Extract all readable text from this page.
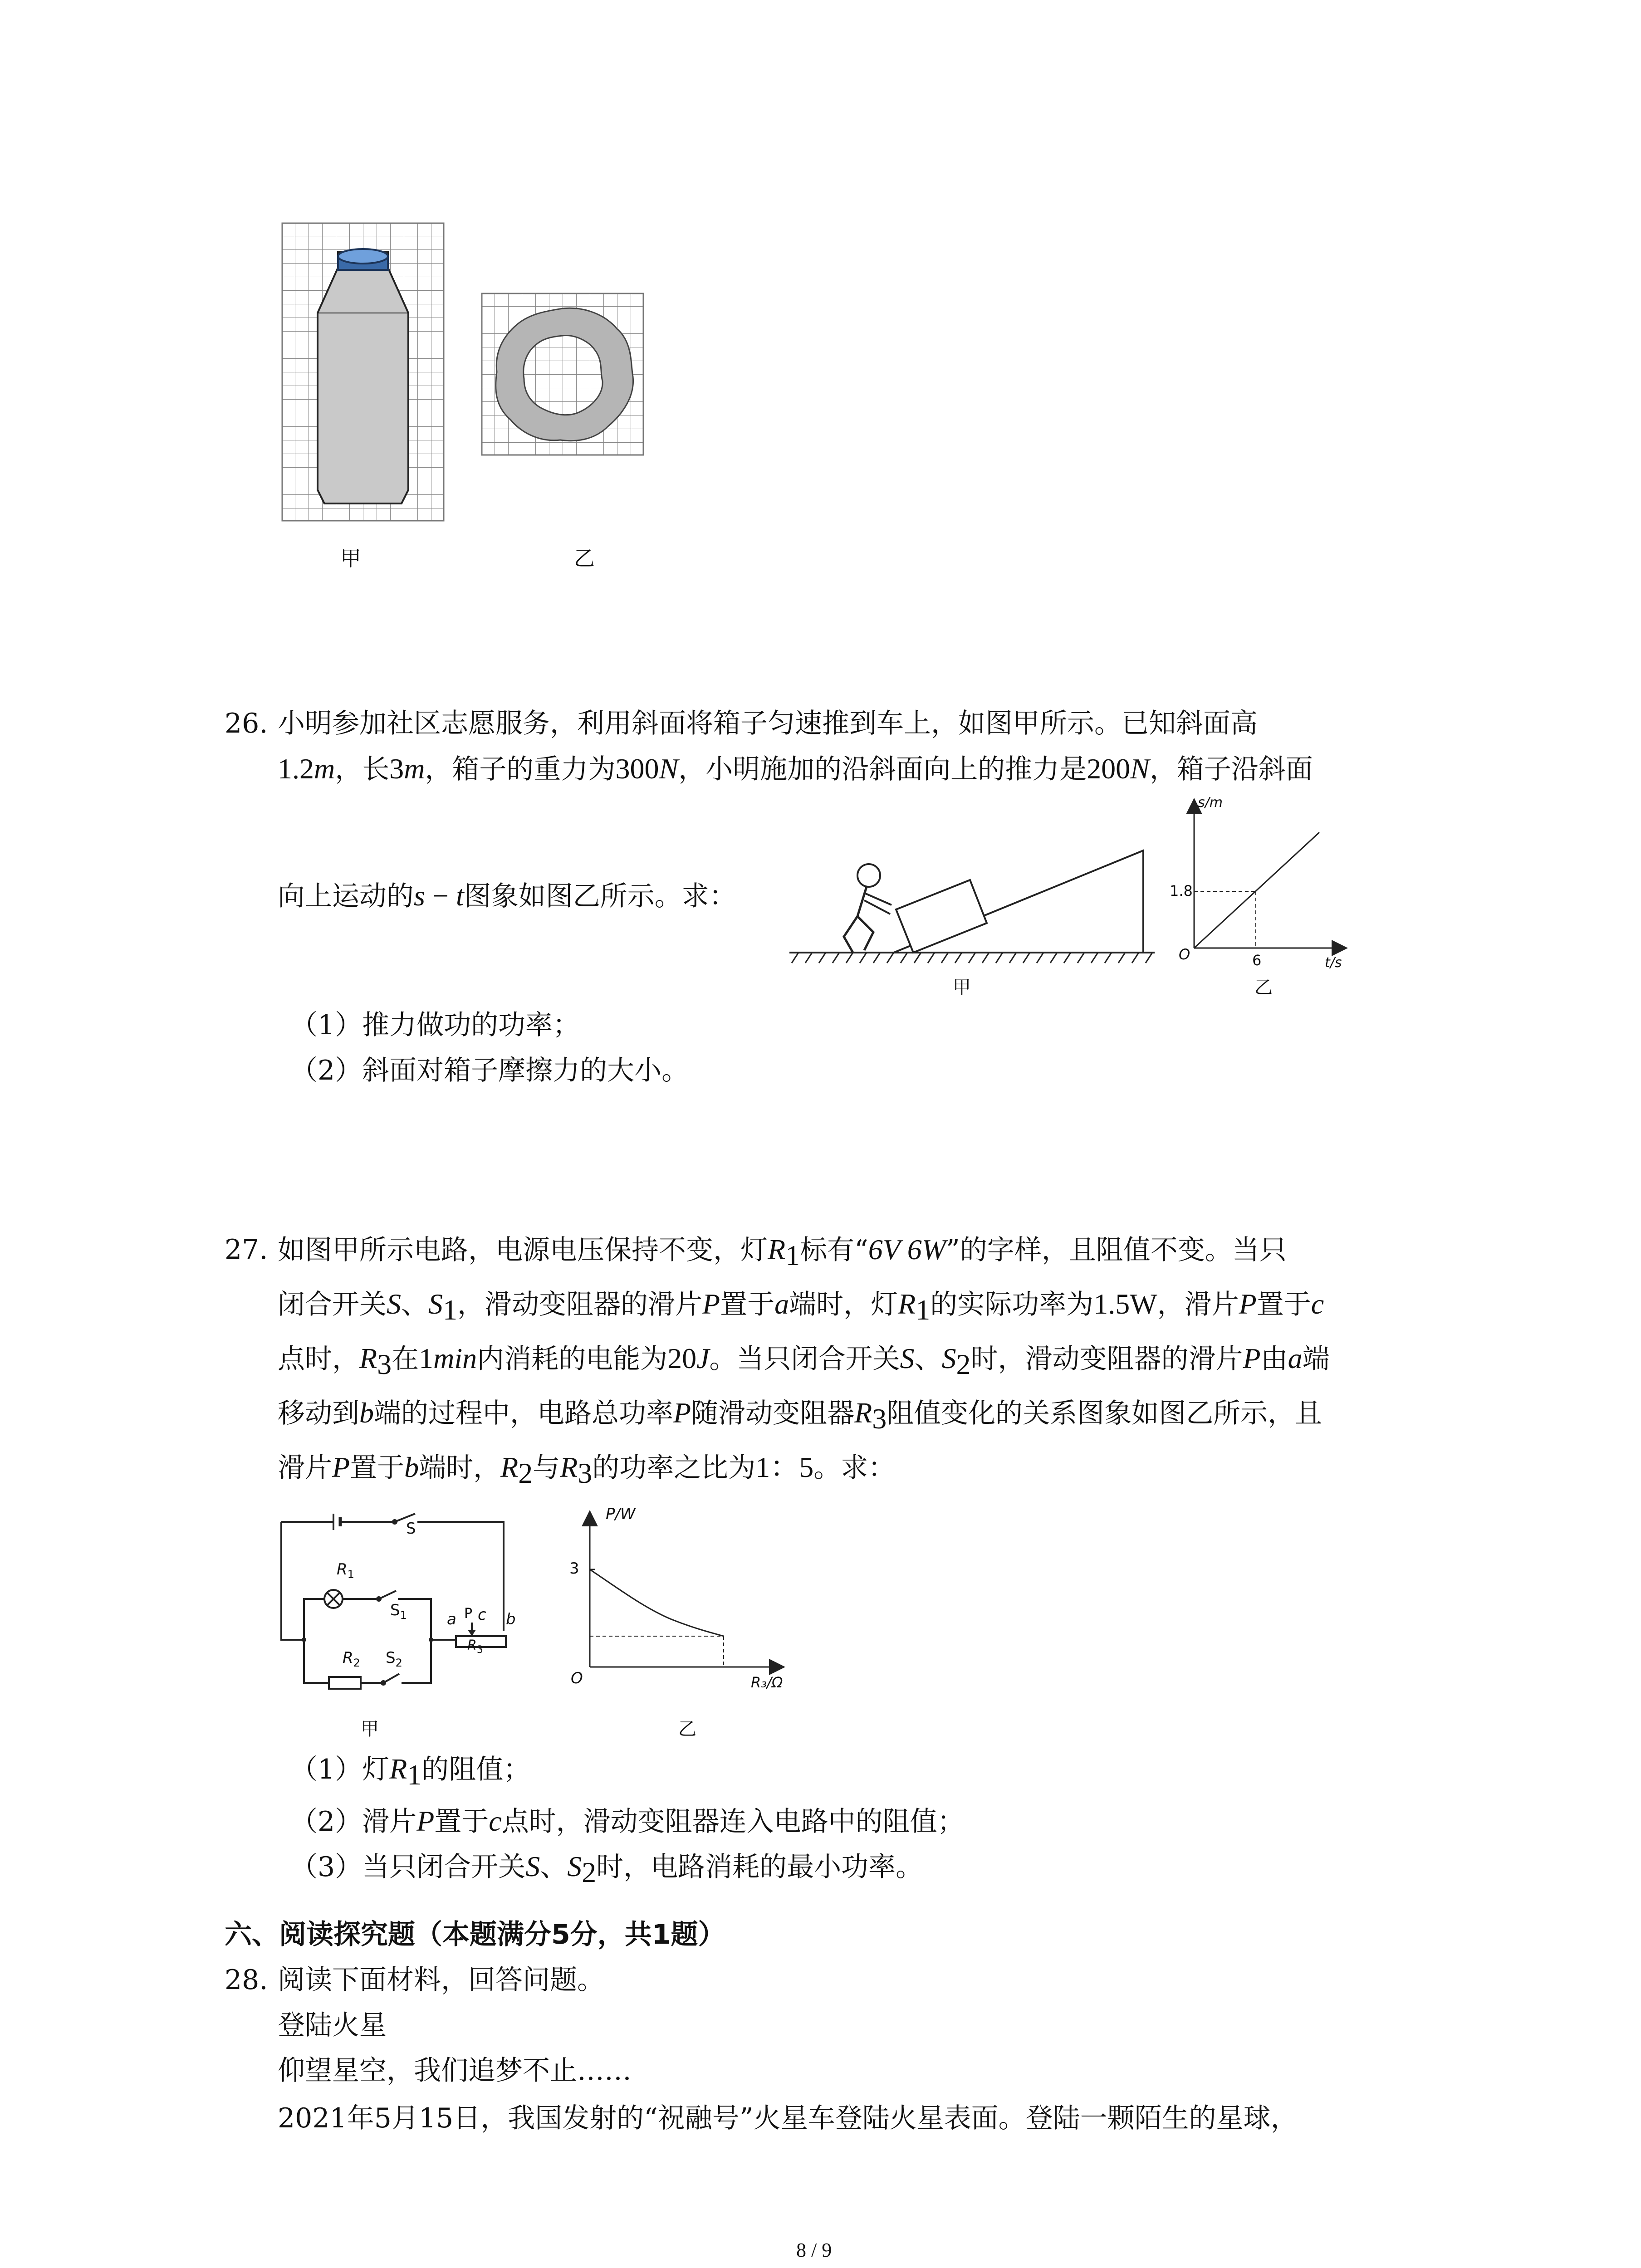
甲	乙
26. 小明参加社区志愿服务，利用斜面将箱子匀速推到车上，如图甲所示。已知斜面高
1.2m，长3m，箱子的重力为300N，小明施加的沿斜面向上的推力是200N，箱子沿斜面
向上运动的s − t图象如图乙所示。求：
甲
s/m
1.8
O	6	t/s
乙
（1）推力做功的功率；
（2）斜面对箱子摩擦力的大小。
27. 如图甲所示电路，电源电压保持不变，灯$R_1$标有“6V 6W”的字样，且阻值不变。当只
闭合开关S、$S_1$，滑动变阻器的滑片P置于a端时，灯$R_1$的实际功率为1.5W，滑片P置于c
点时，$R_3$在1min内消耗的电能为20J。当只闭合开关S、$S_2$时，滑动变阻器的滑片P由a端
移动到b端的过程中，电路总功率P随滑动变阻器$R_3$阻值变化的关系图象如图乙所示，且
滑片P置于b端时，$R_2$与$R_3$的功率之比为1：5。求：
S
$R_1$
$S_1$
$R_2$ $S_2$
a P c b
$R_3$
甲
P/W
3
O	R₃/Ω
乙
（1）灯$R_1$的阻值；
（2）滑片P置于c点时，滑动变阻器连入电路中的阻值；
（3）当只闭合开关S、$S_2$时，电路消耗的最小功率。
六、阅读探究题（本题满分5分，共1题）
28. 阅读下面材料，回答问题。
登陆火星
仰望星空，我们追梦不止……
2021年5月15日，我国发射的“祝融号”火星车登陆火星表面。登陆一颗陌生的星球，
8 / 9
